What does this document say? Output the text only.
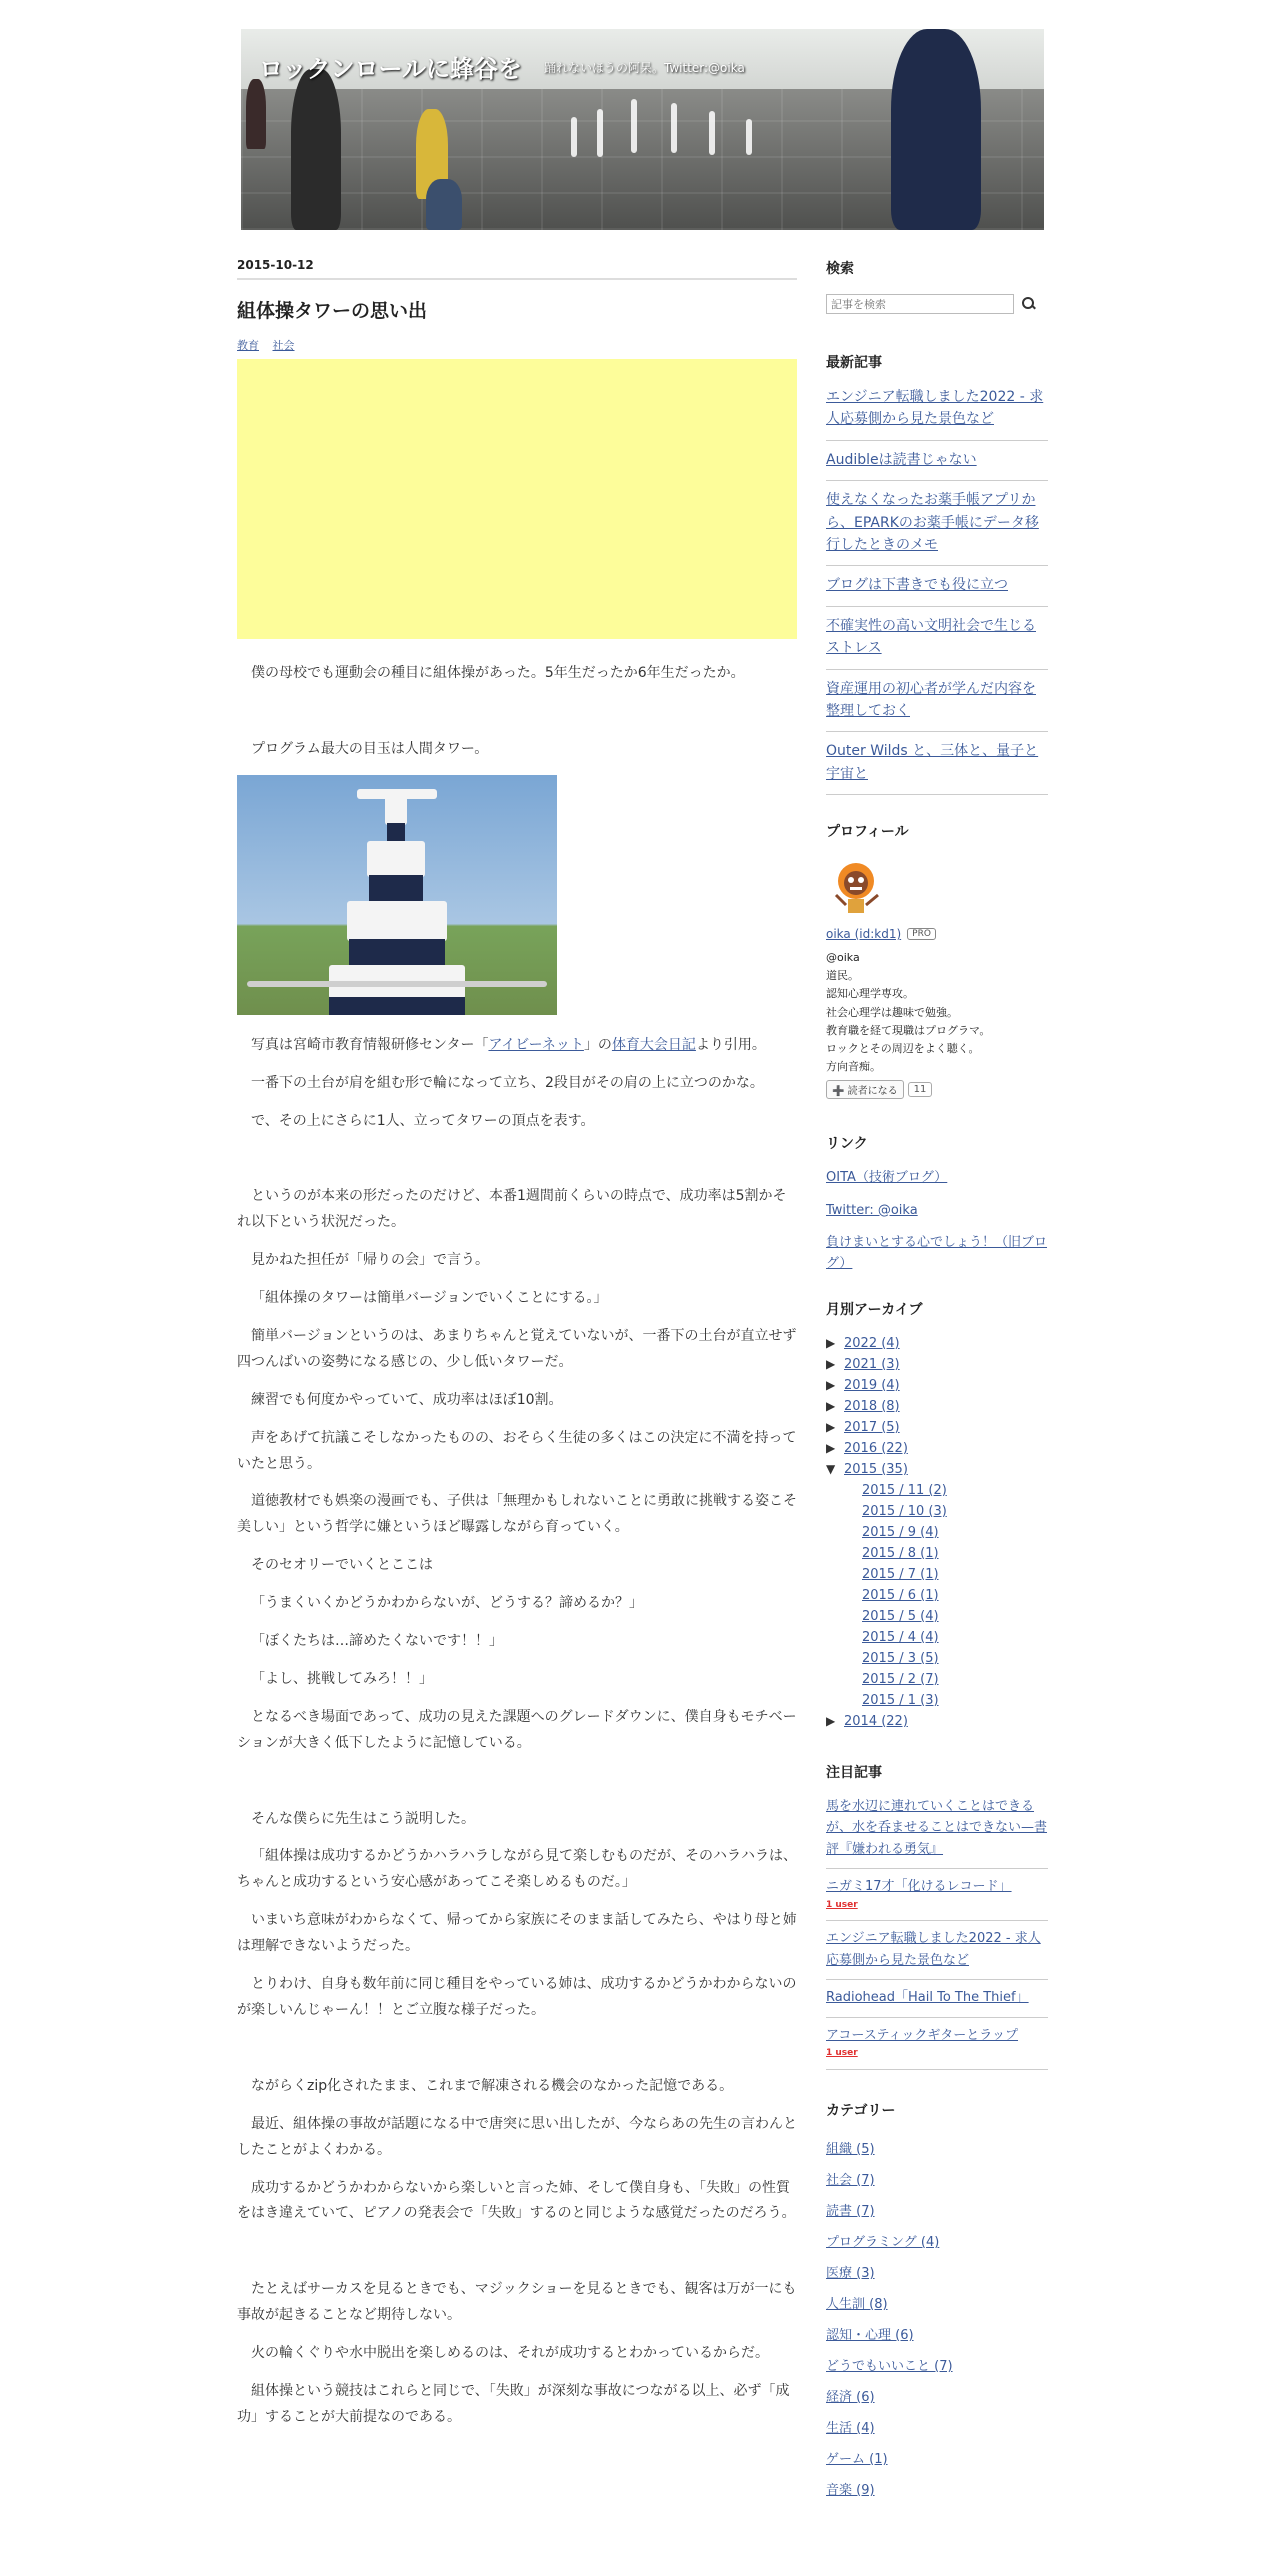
ロックンロールに蜂谷を 踊れないほうの阿呆。Twitter:@oika
2015-10-12
組体操タワーの思い出
教育 社会

僕の母校でも運動会の種目に組体操があった。5年生だったか6年生だったか。

プログラム最大の目玉は人間タワー。

写真は宮崎市教育情報研修センター「アイビーネット」の体育大会日記より引用。

一番下の土台が肩を組む形で輪になって立ち、2段目がその肩の上に立つのかな。

で、その上にさらに1人、立ってタワーの頂点を表す。

というのが本来の形だったのだけど、本番1週間前くらいの時点で、成功率は5割かそれ以下という状況だった。

見かねた担任が「帰りの会」で言う。

「組体操のタワーは簡単バージョンでいくことにする。」

簡単バージョンというのは、あまりちゃんと覚えていないが、一番下の土台が直立せず四つんばいの姿勢になる感じの、少し低いタワーだ。

練習でも何度かやっていて、成功率はほぼ10割。

声をあげて抗議こそしなかったものの、おそらく生徒の多くはこの決定に不満を持っていたと思う。

道徳教材でも娯楽の漫画でも、子供は「無理かもしれないことに勇敢に挑戦する姿こそ美しい」という哲学に嫌というほど曝露しながら育っていく。

そのセオリーでいくとここは

「うまくいくかどうかわからないが、どうする？諦めるか？」

「ぼくたちは…諦めたくないです！！」

「よし、挑戦してみろ！！」

となるべき場面であって、成功の見えた課題へのグレードダウンに、僕自身もモチベーションが大きく低下したように記憶している。

そんな僕らに先生はこう説明した。

「組体操は成功するかどうかハラハラしながら見て楽しむものだが、そのハラハラは、ちゃんと成功するという安心感があってこそ楽しめるものだ。」

いまいち意味がわからなくて、帰ってから家族にそのまま話してみたら、やはり母と姉は理解できないようだった。

とりわけ、自身も数年前に同じ種目をやっている姉は、成功するかどうかわからないのが楽しいんじゃーん！！とご立腹な様子だった。

ながらくzip化されたまま、これまで解凍される機会のなかった記憶である。

最近、組体操の事故が話題になる中で唐突に思い出したが、今ならあの先生の言わんとしたことがよくわかる。

成功するかどうかわからないから楽しいと言った姉、そして僕自身も、「失敗」の性質をはき違えていて、ピアノの発表会で「失敗」するのと同じような感覚だったのだろう。

たとえばサーカスを見るときでも、マジックショーを見るときでも、観客は万が一にも事故が起きることなど期待しない。

火の輪くぐりや水中脱出を楽しめるのは、それが成功するとわかっているからだ。

組体操という競技はこれらと同じで、「失敗」が深刻な事故につながる以上、必ず「成功」することが大前提なのである。

検索
記事を検索
最新記事
エンジニア転職しました2022 - 求人応募側から見た景色など
Audibleは読書じゃない
使えなくなったお薬手帳アプリから、EPARKのお薬手帳にデータ移行したときのメモ
ブログは下書きでも役に立つ
不確実性の高い文明社会で生じるストレス
資産運用の初心者が学んだ内容を整理しておく
Outer Wilds と、三体と、量子と宇宙と
プロフィール
oika (id:kd1)	PRO
@oika
道民。
認知心理学専攻。
社会心理学は趣味で勉強。
教育職を経て現職はプログラマ。
ロックとその周辺をよく聴く。
方向音痴。
➕ 読者になる	11
リンク
OITA（技術ブログ）
Twitter: @oika
負けまいとする心でしょう！（旧ブログ）
月別アーカイブ
▶ 2022 (4)
▶ 2021 (3)
▶ 2019 (4)
▶ 2018 (8)
▶ 2017 (5)
▶ 2016 (22)
▼ 2015 (35)
2015 / 11 (2)
2015 / 10 (3)
2015 / 9 (4)
2015 / 8 (1)
2015 / 7 (1)
2015 / 6 (1)
2015 / 5 (4)
2015 / 4 (4)
2015 / 3 (5)
2015 / 2 (7)
2015 / 1 (3)
▶ 2014 (22)
注目記事
馬を水辺に連れていくことはできるが、水を呑ませることはできない—書評『嫌われる勇気』
ニガミ17才「化けるレコード」
1 user
エンジニア転職しました2022 - 求人応募側から見た景色など
Radiohead「Hail To The Thief」
アコースティックギターとラップ
1 user
カテゴリー
組織 (5)
社会 (7)
読書 (7)
プログラミング (4)
医療 (3)
人生訓 (8)
認知・心理 (6)
どうでもいいこと (7)
経済 (6)
生活 (4)
ゲーム (1)
音楽 (9)
